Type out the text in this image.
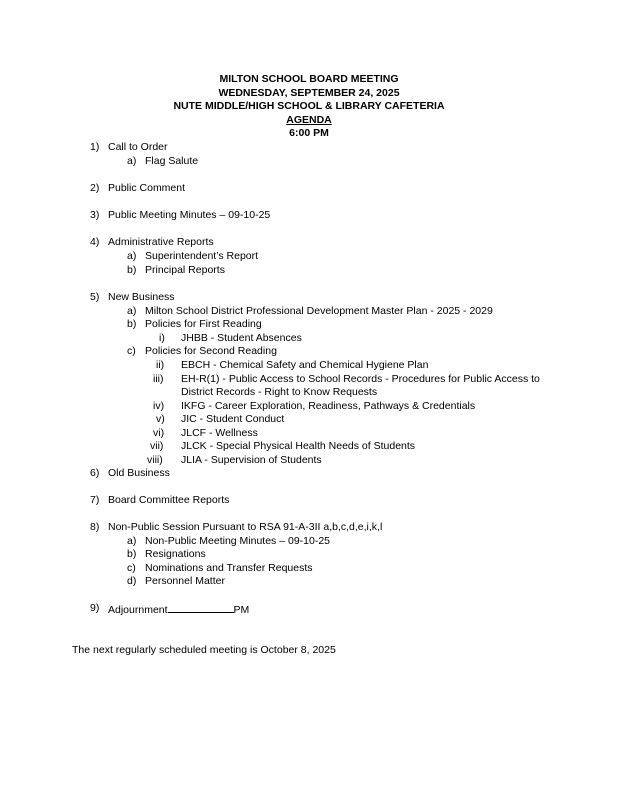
MILTON SCHOOL BOARD MEETING
WEDNESDAY, SEPTEMBER 24, 2025
NUTE MIDDLE/HIGH SCHOOL & LIBRARY CAFETERIA
AGENDA
6:00 PM
1) Call to Order
a) Flag Salute
2) Public Comment
3) Public Meeting Minutes – 09-10-25
4) Administrative Reports
a) Superintendent’s Report
b) Principal Reports
5) New Business
a) Milton School District Professional Development Master Plan - 2025 - 2029
b) Policies for First Reading
i) JHBB - Student Absences
c) Policies for Second Reading
ii) EBCH - Chemical Safety and Chemical Hygiene Plan
iii) EH-R(1) - Public Access to School Records - Procedures for Public Access to
District Records - Right to Know Requests
iv) IKFG - Career Exploration, Readiness, Pathways & Credentials
v) JIC - Student Conduct
vi) JLCF - Wellness
vii) JLCK - Special Physical Health Needs of Students
viii) JLIA - Supervision of Students
6) Old Business
7) Board Committee Reports
8) Non-Public Session Pursuant to RSA 91-A-3II a,b,c,d,e,i,k,l
a) Non-Public Meeting Minutes – 09-10-25
b) Resignations
c) Nominations and Transfer Requests
d) Personnel Matter
9) Adjournment	PM
The next regularly scheduled meeting is October 8, 2025
